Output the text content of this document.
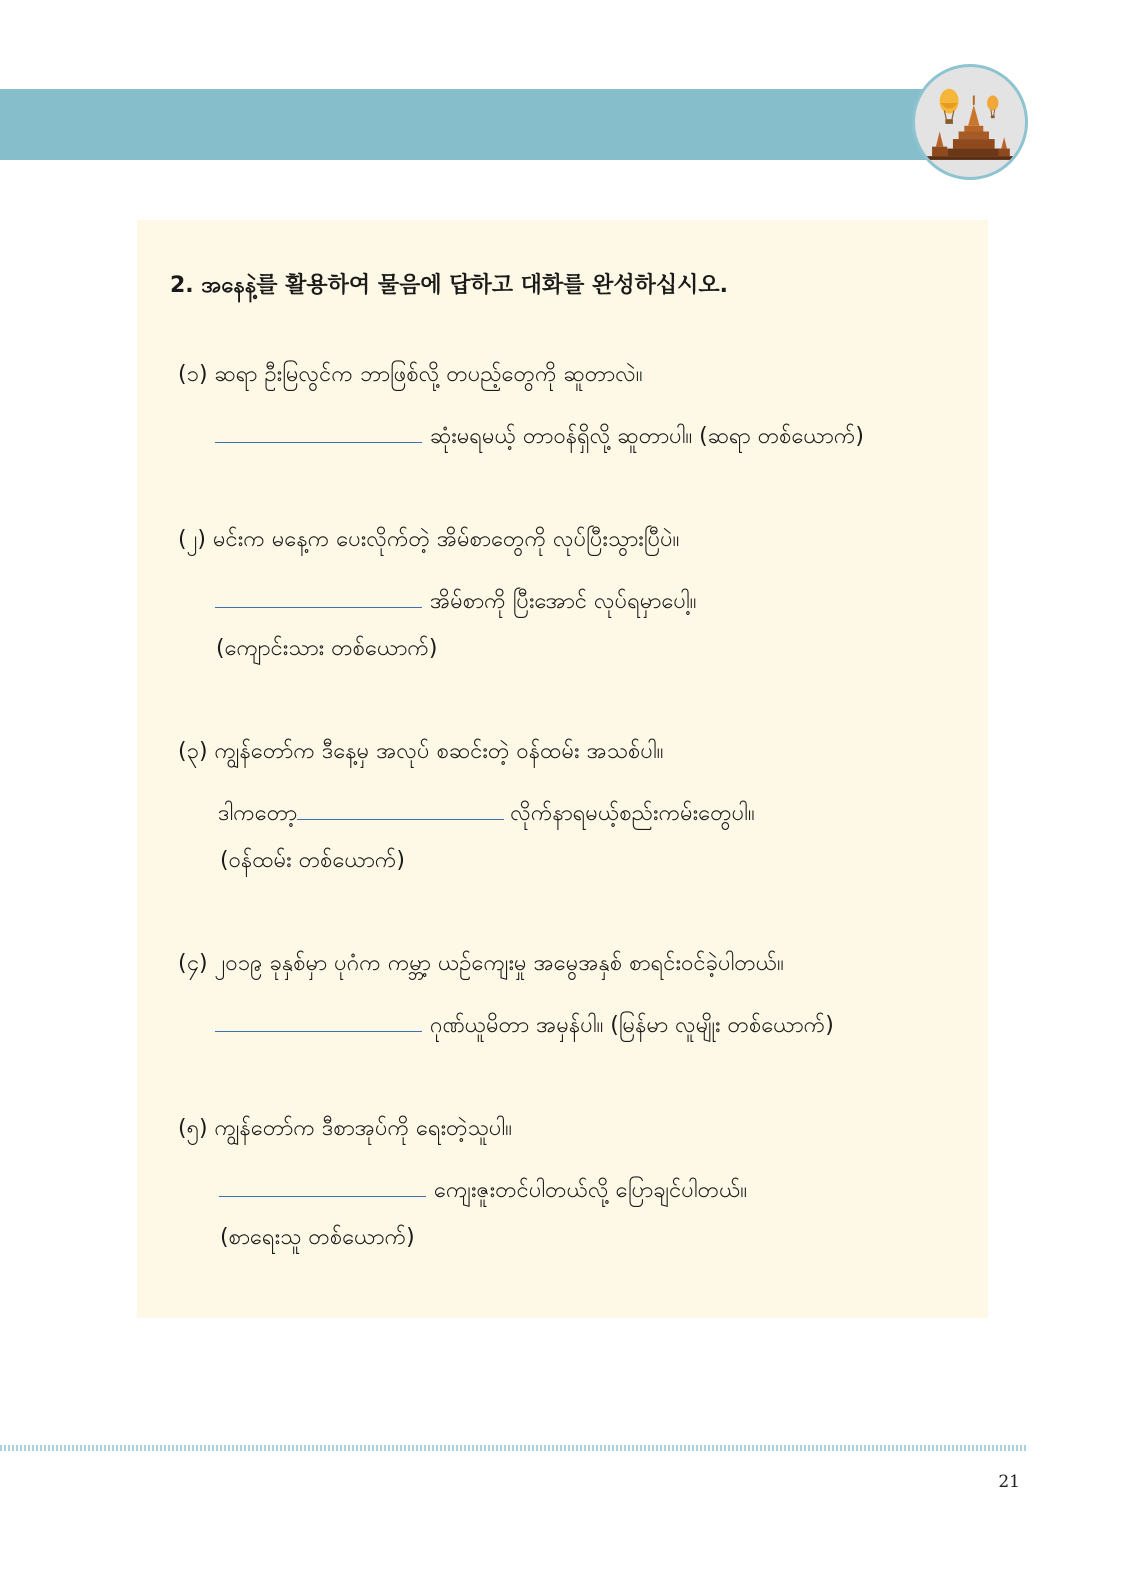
2. အနေနဲ့를 활용하여 물음에 답하고 대화를 완성하십시오.
(၁) ဆရာ ဦးမြလွင်က ဘာဖြစ်လို့ တပည့်တွေကို ဆူတာလဲ။
ဆုံးမရမယ့် တာဝန်ရှိလို့ ဆူတာပါ။ (ဆရာ တစ်ယောက်)
(၂) မင်းက မနေ့က ပေးလိုက်တဲ့ အိမ်စာတွေကို လုပ်ပြီးသွားပြီပဲ။
အိမ်စာကို ပြီးအောင် လုပ်ရမှာပေါ့။
(ကျောင်းသား တစ်ယောက်)
(၃) ကျွန်တော်က ဒီနေ့မှ အလုပ် စဆင်းတဲ့ ဝန်ထမ်း အသစ်ပါ။
ဒါကတော့	လိုက်နာရမယ့်စည်းကမ်းတွေပါ။
(ဝန်ထမ်း တစ်ယောက်)
(၄) ၂၀၁၉ ခုနှစ်မှာ ပုဂံက ကမ္ဘာ့ ယဉ်ကျေးမှု အမွေအနှစ် စာရင်းဝင်ခဲ့ပါတယ်။
ဂုဏ်ယူမိတာ အမှန်ပါ။ (မြန်မာ လူမျိုး တစ်ယောက်)
(၅) ကျွန်တော်က ဒီစာအုပ်ကို ရေးတဲ့သူပါ။
ကျေးဇူးတင်ပါတယ်လို့ ပြောချင်ပါတယ်။
(စာရေးသူ တစ်ယောက်)
21
